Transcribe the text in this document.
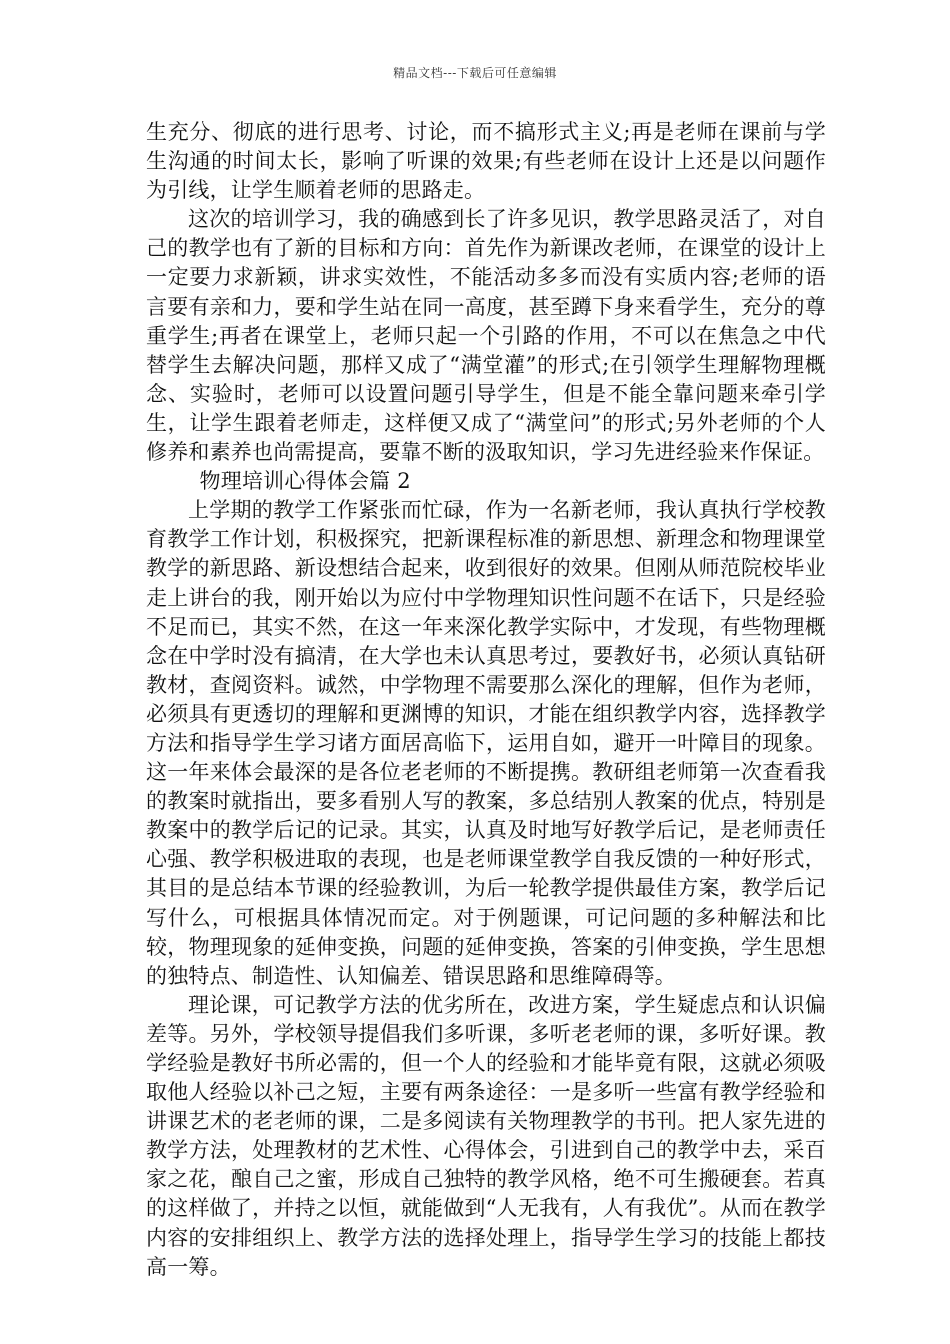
精品文档---下载后可任意编辑

生充分、彻底的进行思考、讨论，而不搞形式主义;再是老师在课前与学生沟通的时间太长，影响了听课的效果;有些老师在设计上还是以问题作为引线，让学生顺着老师的思路走。

这次的培训学习，我的确感到长了许多见识，教学思路灵活了，对自己的教学也有了新的目标和方向：首先作为新课改老师，在课堂的设计上一定要力求新颖，讲求实效性，不能活动多多而没有实质内容;老师的语言要有亲和力，要和学生站在同一高度，甚至蹲下身来看学生，充分的尊重学生;再者在课堂上，老师只起一个引路的作用，不可以在焦急之中代替学生去解决问题，那样又成了“满堂灌”的形式;在引领学生理解物理概念、实验时，老师可以设置问题引导学生，但是不能全靠问题来牵引学生，让学生跟着老师走，这样便又成了“满堂问”的形式;另外老师的个人修养和素养也尚需提高，要靠不断的汲取知识，学习先进经验来作保证。

物理培训心得体会篇 2

上学期的教学工作紧张而忙碌，作为一名新老师，我认真执行学校教育教学工作计划，积极探究，把新课程标准的新思想、新理念和物理课堂教学的新思路、新设想结合起来，收到很好的效果。但刚从师范院校毕业走上讲台的我，刚开始以为应付中学物理知识性问题不在话下，只是经验不足而已，其实不然，在这一年来深化教学实际中，才发现，有些物理概念在中学时没有搞清，在大学也未认真思考过，要教好书，必须认真钻研教材，查阅资料。诚然，中学物理不需要那么深化的理解，但作为老师，必须具有更透切的理解和更渊博的知识，才能在组织教学内容，选择教学方法和指导学生学习诸方面居高临下，运用自如，避开一叶障目的现象。这一年来体会最深的是各位老老师的不断提携。教研组老师第一次查看我的教案时就指出，要多看别人写的教案，多总结别人教案的优点，特别是教案中的教学后记的记录。其实，认真及时地写好教学后记，是老师责任心强、教学积极进取的表现，也是老师课堂教学自我反馈的一种好形式，其目的是总结本节课的经验教训，为后一轮教学提供最佳方案，教学后记写什么，可根据具体情况而定。对于例题课，可记问题的多种解法和比较，物理现象的延伸变换，问题的延伸变换，答案的引伸变换，学生思想的独特点、制造性、认知偏差、错误思路和思维障碍等。

理论课，可记教学方法的优劣所在，改进方案，学生疑虑点和认识偏差等。另外，学校领导提倡我们多听课，多听老老师的课，多听好课。教学经验是教好书所必需的，但一个人的经验和才能毕竟有限，这就必须吸取他人经验以补己之短，主要有两条途径：一是多听一些富有教学经验和讲课艺术的老老师的课，二是多阅读有关物理教学的书刊。把人家先进的教学方法，处理教材的艺术性、心得体会，引进到自己的教学中去，采百家之花，酿自己之蜜，形成自己独特的教学风格，绝不可生搬硬套。若真的这样做了，并持之以恒，就能做到“人无我有，人有我优”。从而在教学内容的安排组织上、教学方法的选择处理上，指导学生学习的技能上都技高一筹。
